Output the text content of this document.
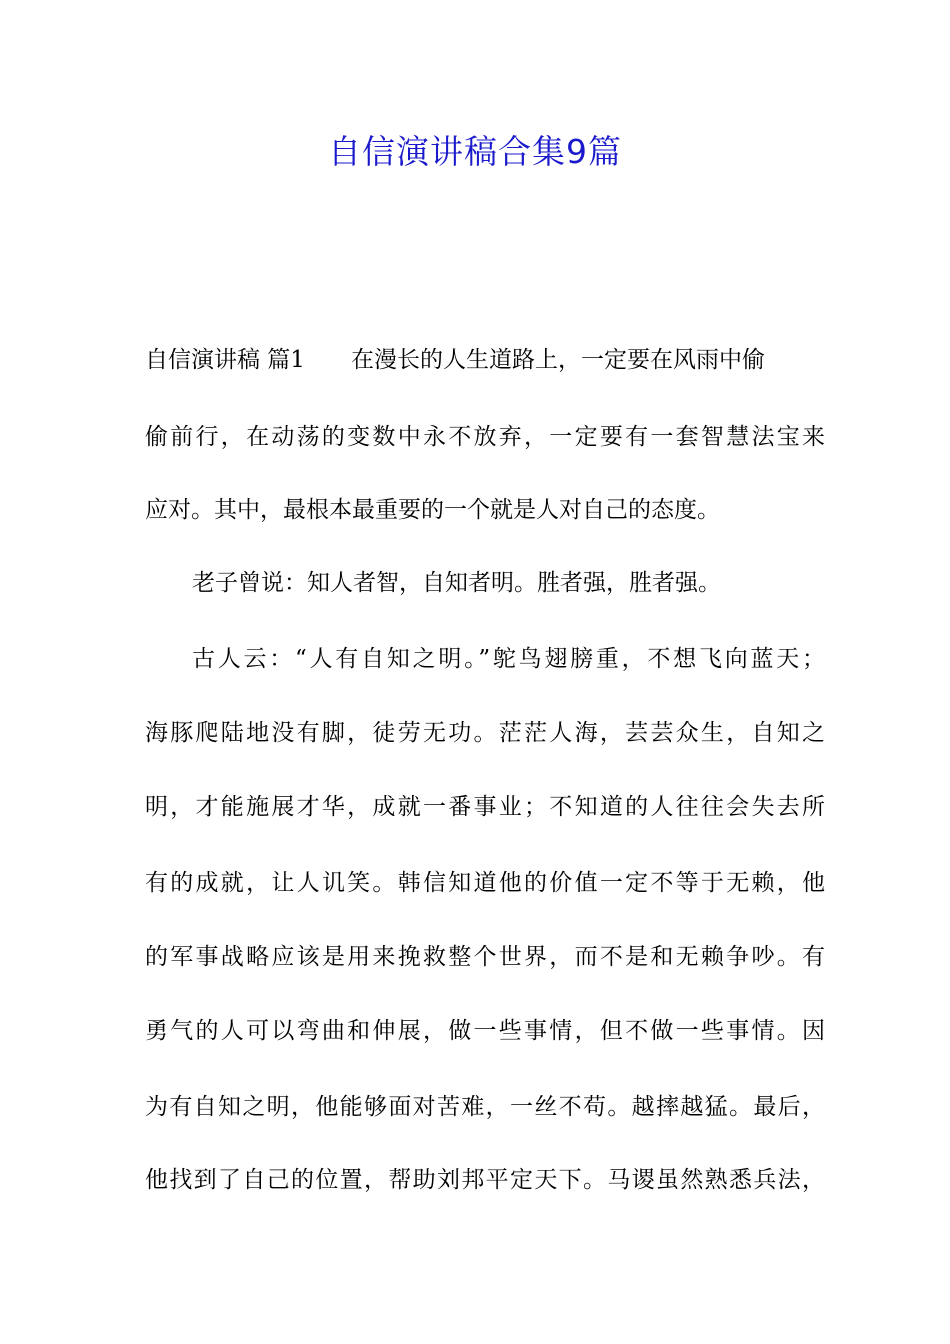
自信演讲稿合集9篇

自信演讲稿 篇1 在漫长的人生道路上，一定要在风雨中偷

偷前行，在动荡的变数中永不放弃，一定要有一套智慧法宝来

应对。其中，最根本最重要的一个就是人对自己的态度。

老子曾说：知人者智，自知者明。胜者强，胜者强。

古人云：“人有自知之明。”鸵鸟翅膀重，不想飞向蓝天；

海豚爬陆地没有脚，徒劳无功。茫茫人海，芸芸众生，自知之

明，才能施展才华，成就一番事业；不知道的人往往会失去所

有的成就，让人讥笑。韩信知道他的价值一定不等于无赖，他

的军事战略应该是用来挽救整个世界，而不是和无赖争吵。有

勇气的人可以弯曲和伸展，做一些事情，但不做一些事情。因

为有自知之明，他能够面对苦难，一丝不苟。越摔越猛。最后，

他找到了自己的位置，帮助刘邦平定天下。马谡虽然熟悉兵法，
